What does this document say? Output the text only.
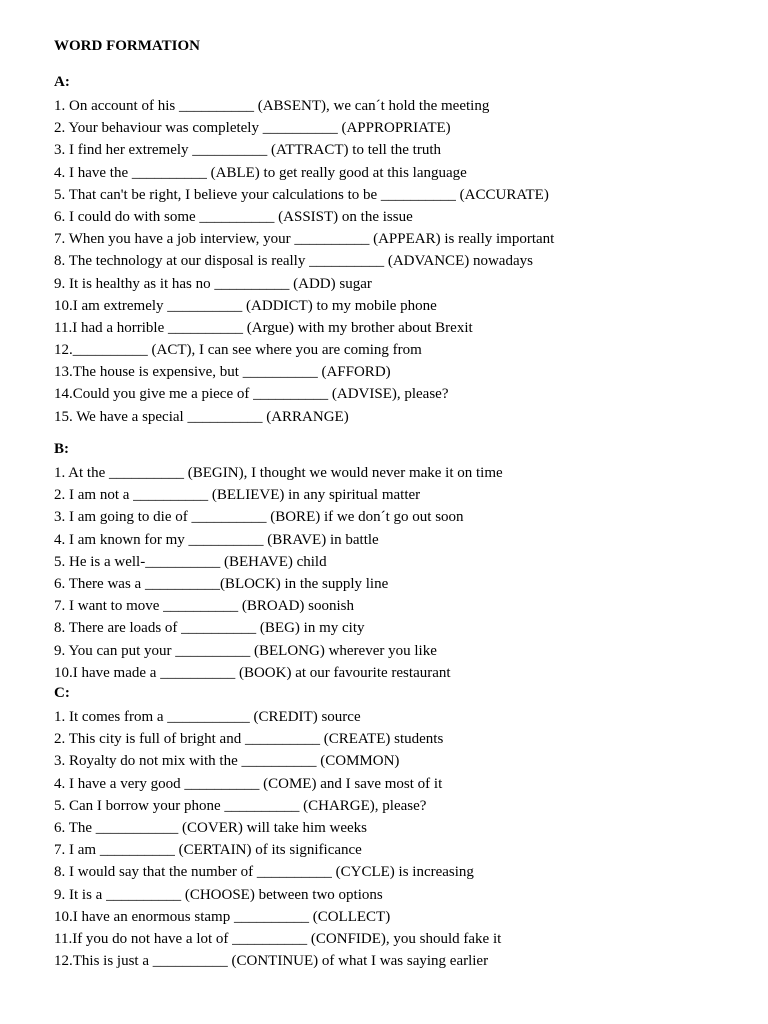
WORD FORMATION
A:
1. On account of his __________ (ABSENT), we can´t hold the meeting
2. Your behaviour was completely __________ (APPROPRIATE)
3. I find her extremely __________ (ATTRACT) to tell the truth
4. I have the __________ (ABLE) to get really good at this language
5. That can't be right, I believe your calculations to be __________ (ACCURATE)
6. I could do with some __________ (ASSIST) on the issue
7. When you have a job interview, your __________ (APPEAR) is really important
8. The technology at our disposal is really __________ (ADVANCE) nowadays
9. It is healthy as it has no __________ (ADD) sugar
10.I am extremely __________ (ADDICT) to my mobile phone
11.I had a horrible __________ (Argue) with my brother about Brexit
12.__________ (ACT), I can see where you are coming from
13.The house is expensive, but __________ (AFFORD)
14.Could you give me a piece of __________ (ADVISE), please?
15. We have a special __________ (ARRANGE)
B:
1. At the __________ (BEGIN), I thought we would never make it on time
2. I am not a __________ (BELIEVE) in any spiritual matter
3. I am going to die of __________ (BORE) if we don´t go out soon
4. I am known for my __________ (BRAVE) in battle
5. He is a well-__________ (BEHAVE) child
6. There was a __________(BLOCK) in the supply line
7. I want to move __________ (BROAD) soonish
8. There are loads of __________ (BEG) in my city
9. You can put your __________ (BELONG) wherever you like
10.I have made a __________ (BOOK) at our favourite restaurant
C:
1. It comes from a ___________ (CREDIT) source
2. This city is full of bright and __________ (CREATE) students
3. Royalty do not mix with the __________ (COMMON)
4. I have a very good __________ (COME) and I save most of it
5. Can I borrow your phone __________ (CHARGE), please?
6. The ___________ (COVER) will take him weeks
7. I am __________ (CERTAIN) of its significance
8. I would say that the number of __________ (CYCLE) is increasing
9. It is a __________ (CHOOSE) between two options
10.I have an enormous stamp __________ (COLLECT)
11.If you do not have a lot of __________ (CONFIDE), you should fake it
12.This is just a __________ (CONTINUE) of what I was saying earlier
